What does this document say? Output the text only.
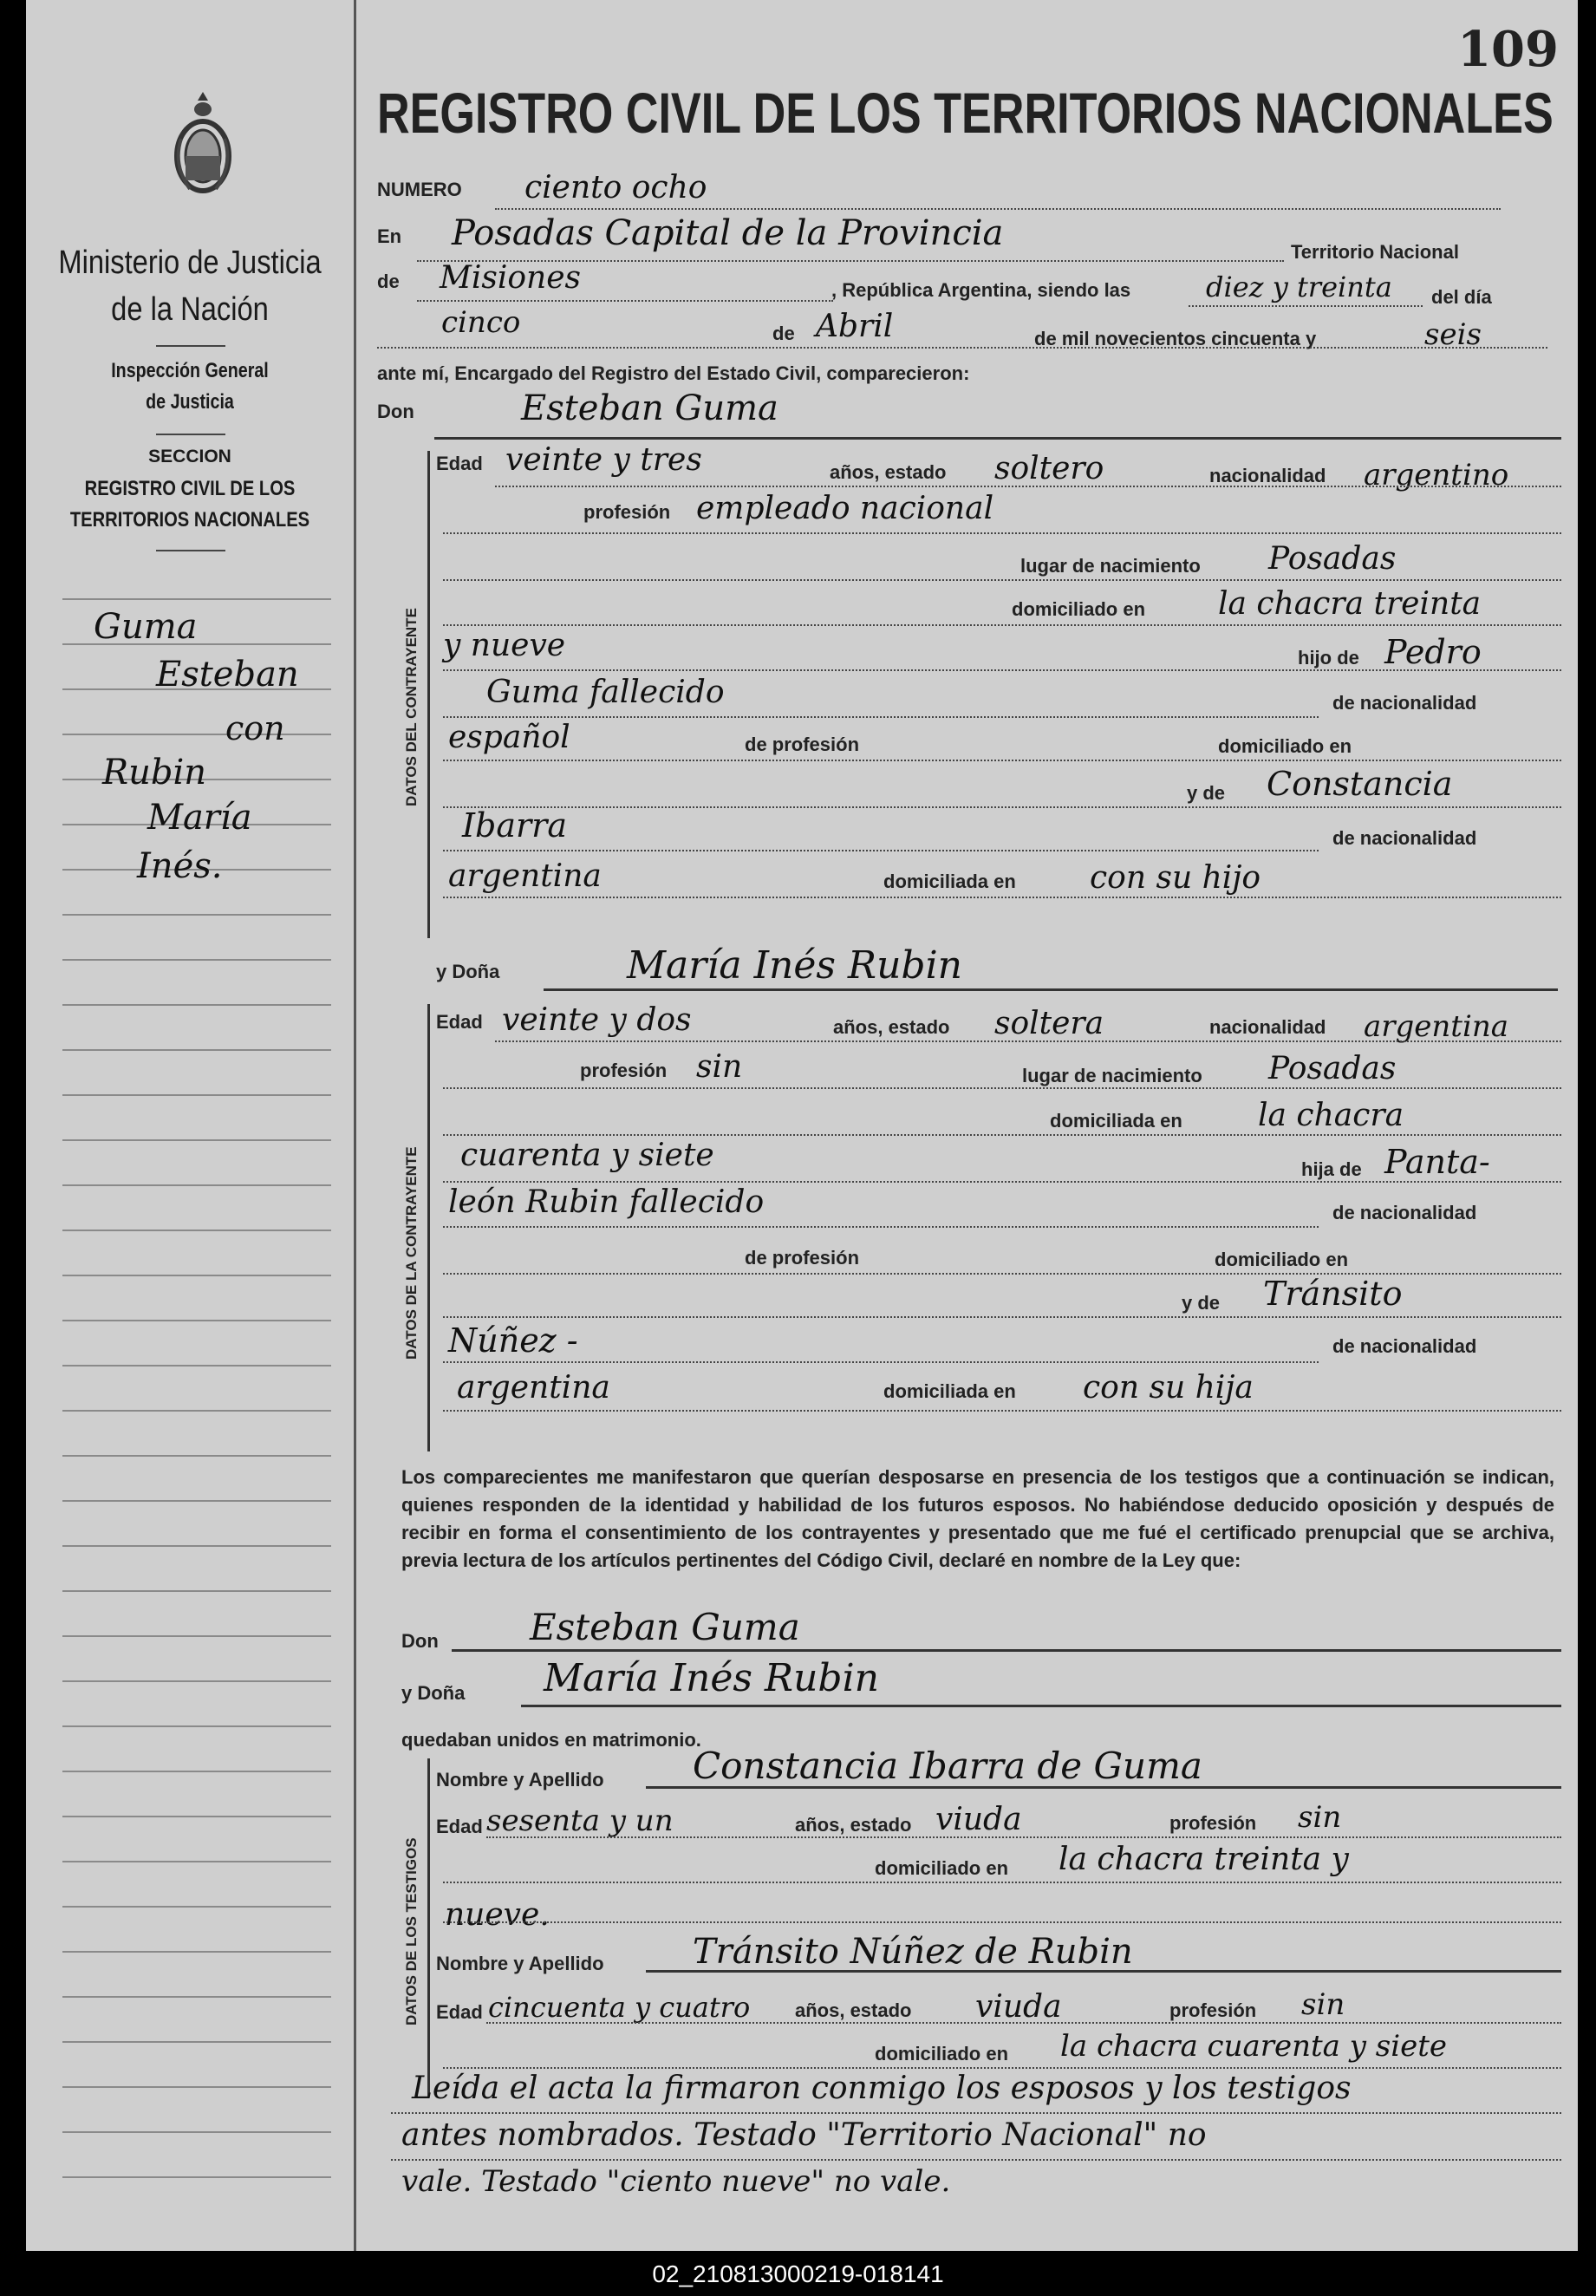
Ministerio de Justicia
de la Nación
Inspección General
de Justicia
SECCION
REGISTRO CIVIL DE LOS
TERRITORIOS NACIONALES
Guma
Esteban
con
Rubin
María
Inés.
109
REGISTRO CIVIL DE LOS TERRITORIOS NACIONALES
NUMERO ciento ocho
En Posadas Capital de la Provincia	Territorio Nacional
de Misiones	, República Argentina, siendo las	diez y treinta del día
cinco	de Abril	de mil novecientos cincuenta y	seis
ante mí, Encargado del Registro del Estado Civil, comparecieron:
Don	Esteban Guma
DATOS DEL CONTRAYENTE
Edad veinte y tres	años, estado soltero	nacionalidad argentino
profesión empleado nacional
lugar de nacimiento Posadas
domiciliado en la chacra treinta
y nueve	hijo de Pedro
Guma fallecido	de nacionalidad
español	de profesión	domiciliado en
y de Constancia
Ibarra	de nacionalidad
argentina	domiciliada en con su hijo
y Doña	María Inés Rubin
DATOS DE LA CONTRAYENTE
Edad veinte y dos	años, estado soltera	nacionalidad argentina
profesión sin	lugar de nacimiento Posadas
domiciliada en la chacra
cuarenta y siete	hija de Panta-
león Rubin fallecido	de nacionalidad
de profesión	domiciliado en
y de Tránsito
Núñez -	de nacionalidad
argentina	domiciliada en con su hija
Los comparecientes me manifestaron que querían desposarse en presencia de los testigos que a continuación se indican, quienes responden de la identidad y habilidad de los futuros esposos. No habiéndose deducido oposición y después de recibir en forma el consentimiento de los contrayentes y presentado que me fué el certificado prenupcial que se archiva, previa lectura de los artículos pertinentes del Código Civil, declaré en nombre de la Ley que:
Don	Esteban Guma
y Doña María Inés Rubin
quedaban unidos en matrimonio.
DATOS DE LOS TESTIGOS
Nombre y Apellido Constancia Ibarra de Guma
Edad sesenta y un	años, estado viuda	profesión sin
domiciliado en la chacra treinta y
nueve.
Nombre y Apellido	Tránsito Núñez de Rubin
Edad cincuenta y cuatro años, estado viuda	profesión sin
domiciliado en la chacra cuarenta y siete
Leída el acta la firmaron conmigo los esposos y los testigos
antes nombrados. Testado "Territorio Nacional" no
vale. Testado "ciento nueve" no vale.
02_210813000219-018141
